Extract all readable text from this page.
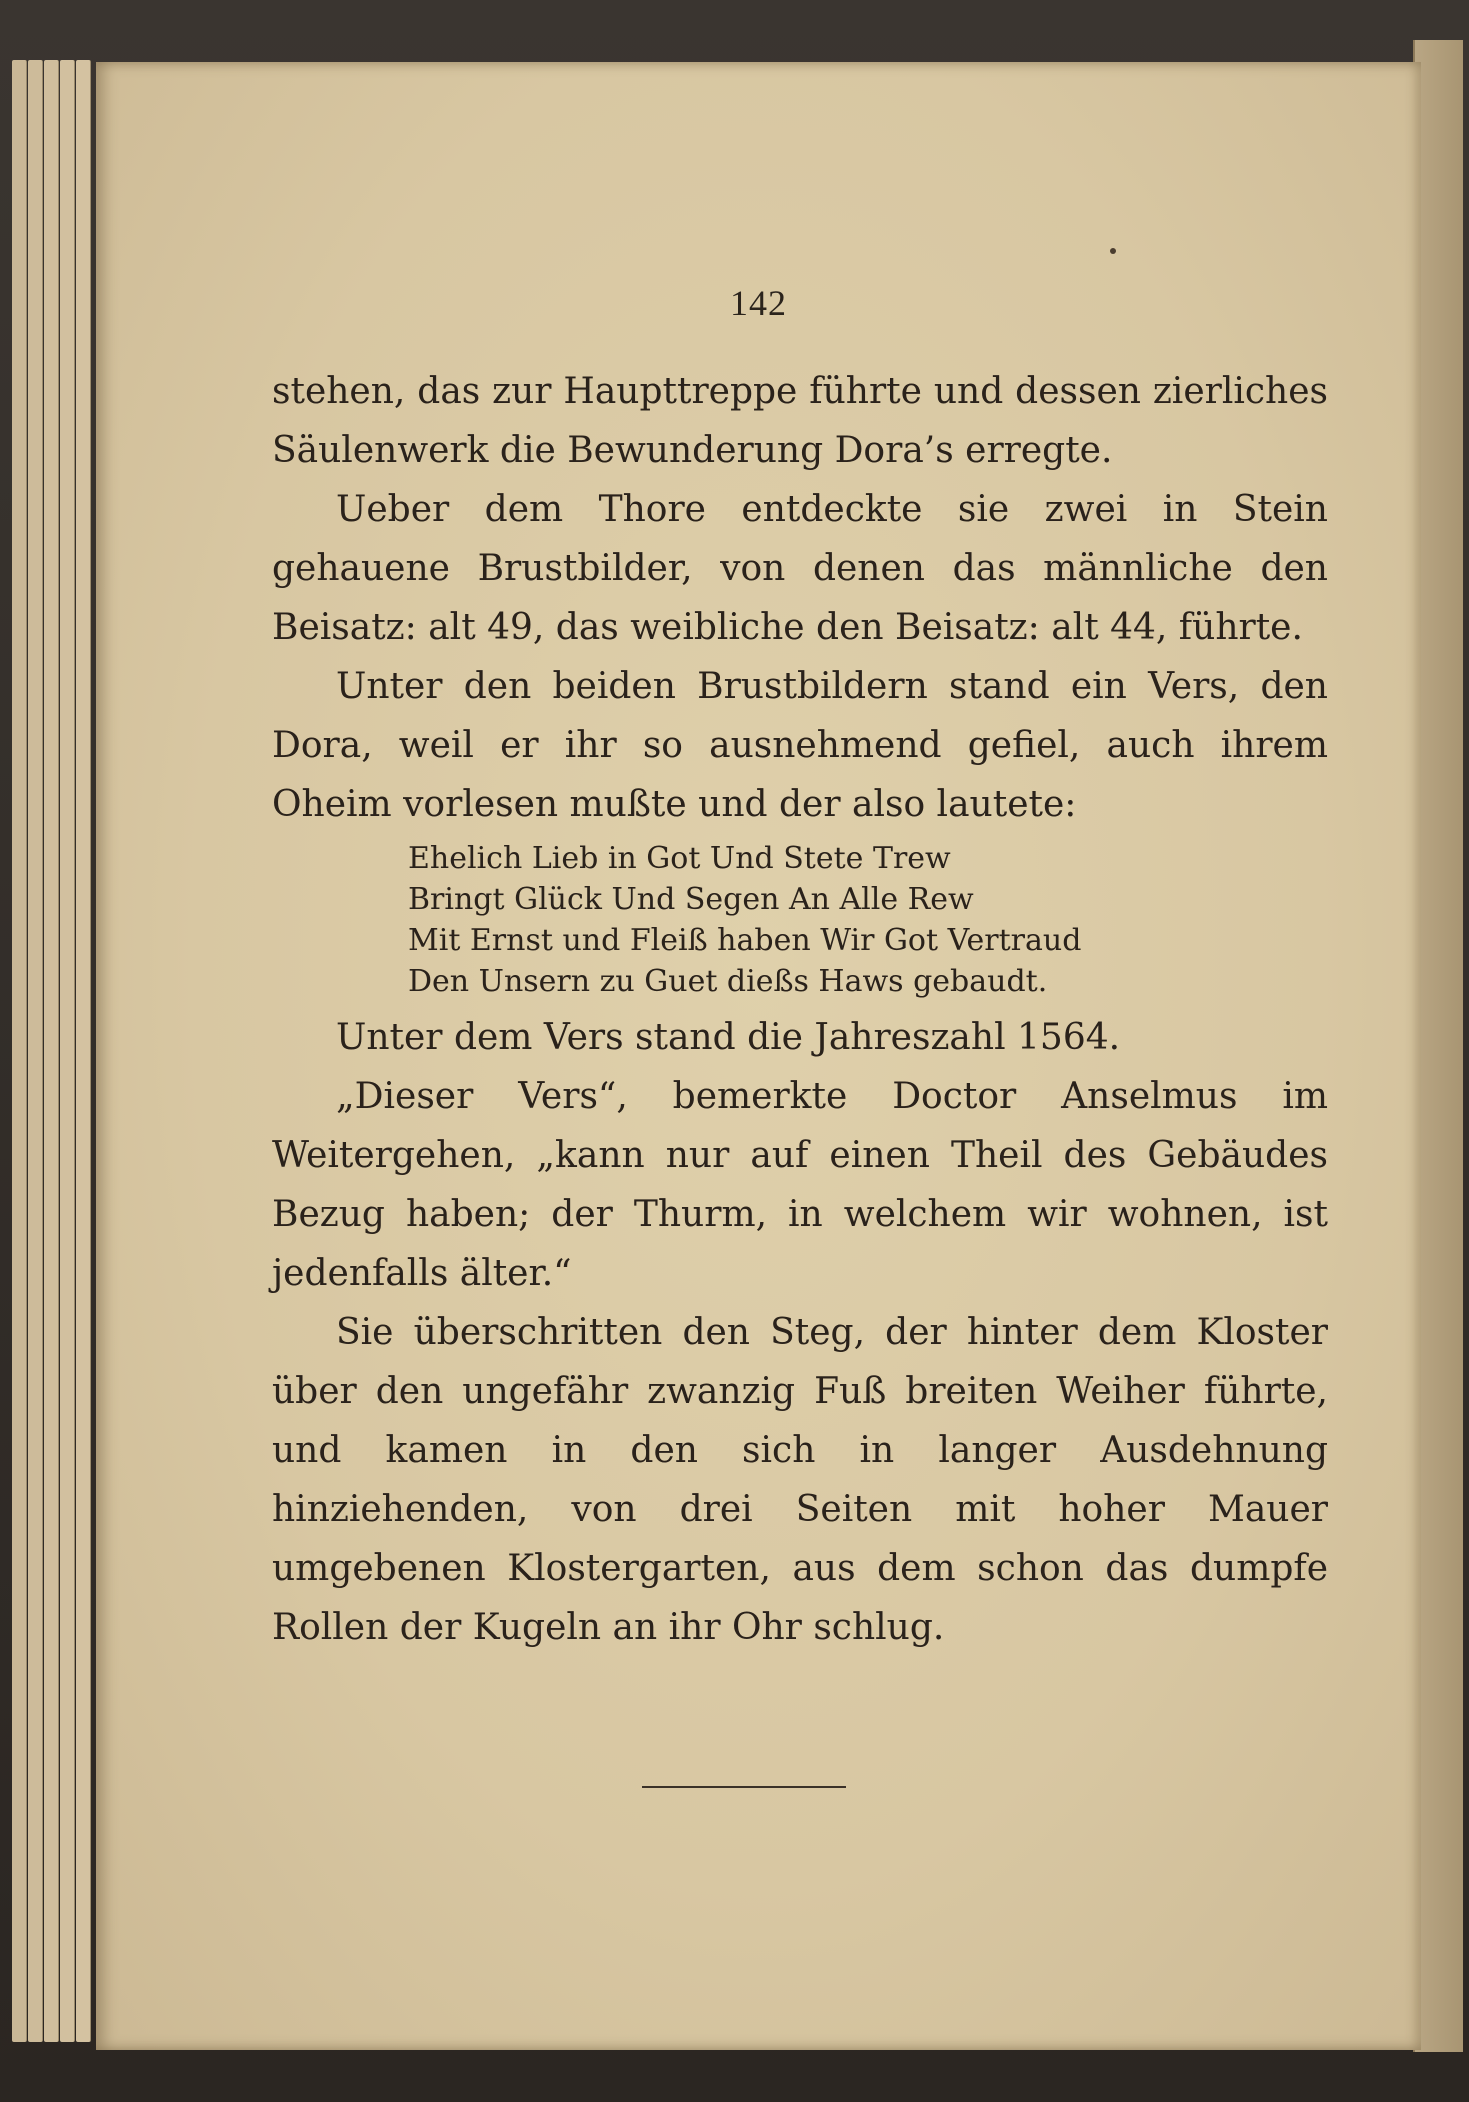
142

stehen, das zur Haupttreppe führte und dessen zierliches Säulenwerk die Bewunderung Dora’s erregte.

Ueber dem Thore entdeckte sie zwei in Stein gehauene Brustbilder, von denen das männliche den Beisatz: alt 49, das weibliche den Beisatz: alt 44, führte.

Unter den beiden Brustbildern stand ein Vers, den Dora, weil er ihr so ausnehmend gefiel, auch ihrem Oheim vorlesen mußte und der also lautete:

Ehelich Lieb in Got Und Stete Trew
Bringt Glück Und Segen An Alle Rew
Mit Ernst und Fleiß haben Wir Got Vertraud
Den Unsern zu Guet dießs Haws gebaudt.

Unter dem Vers stand die Jahreszahl 1564.

„Dieser Vers“, bemerkte Doctor Anselmus im Weitergehen, „kann nur auf einen Theil des Gebäudes Bezug haben; der Thurm, in welchem wir wohnen, ist jedenfalls älter.“

Sie überschritten den Steg, der hinter dem Kloster über den ungefähr zwanzig Fuß breiten Weiher führte, und kamen in den sich in langer Ausdehnung hinziehenden, von drei Seiten mit hoher Mauer umgebenen Klostergarten, aus dem schon das dumpfe Rollen der Kugeln an ihr Ohr schlug.
